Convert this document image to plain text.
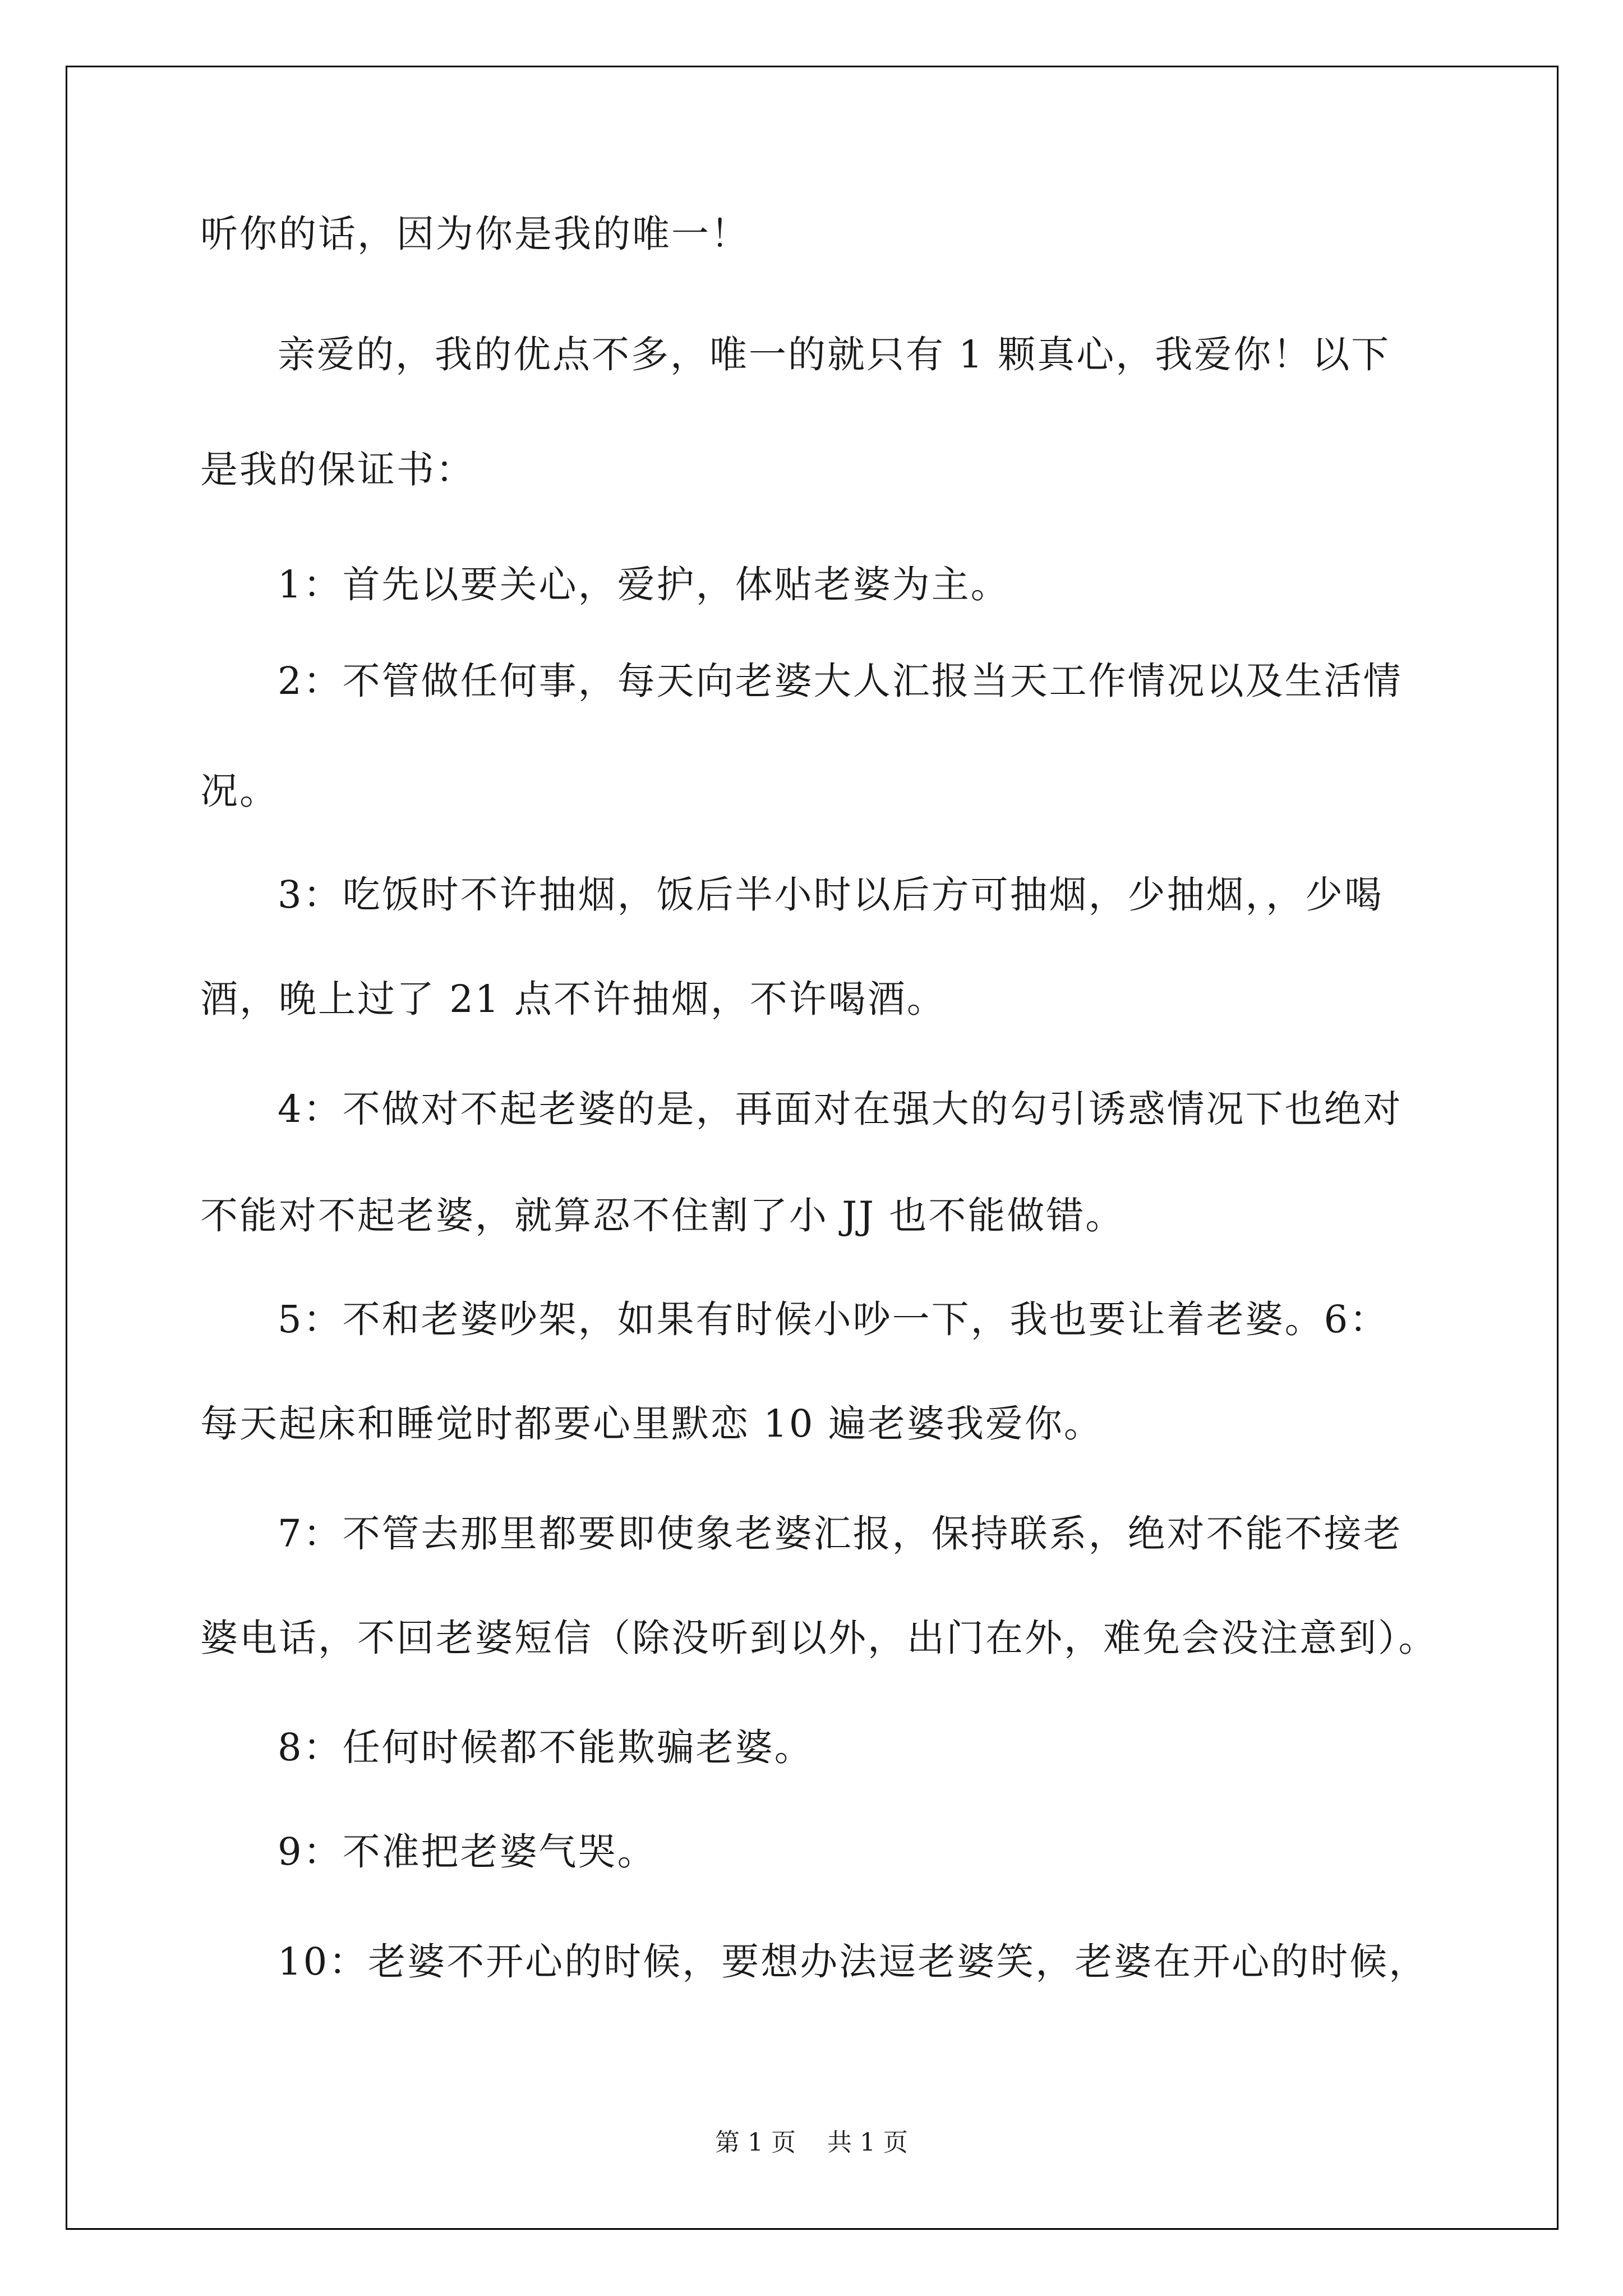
听你的话，因为你是我的唯一！
亲爱的，我的优点不多，唯一的就只有 1 颗真心，我爱你！以下
是我的保证书：
1：首先以要关心，爱护，体贴老婆为主。
2：不管做任何事，每天向老婆大人汇报当天工作情况以及生活情
况。
3：吃饭时不许抽烟，饭后半小时以后方可抽烟，少抽烟，，少喝
酒，晚上过了 21 点不许抽烟，不许喝酒。
4：不做对不起老婆的是，再面对在强大的勾引诱惑情况下也绝对
不能对不起老婆，就算忍不住割了小 JJ 也不能做错。
5：不和老婆吵架，如果有时候小吵一下，我也要让着老婆。6：
每天起床和睡觉时都要心里默恋 10 遍老婆我爱你。
7：不管去那里都要即使象老婆汇报，保持联系，绝对不能不接老
婆电话，不回老婆短信（除没听到以外，出门在外，难免会没注意到）。
8：任何时候都不能欺骗老婆。
9：不准把老婆气哭。
10：老婆不开心的时候，要想办法逗老婆笑，老婆在开心的时候，
第 1 页    共 1 页
